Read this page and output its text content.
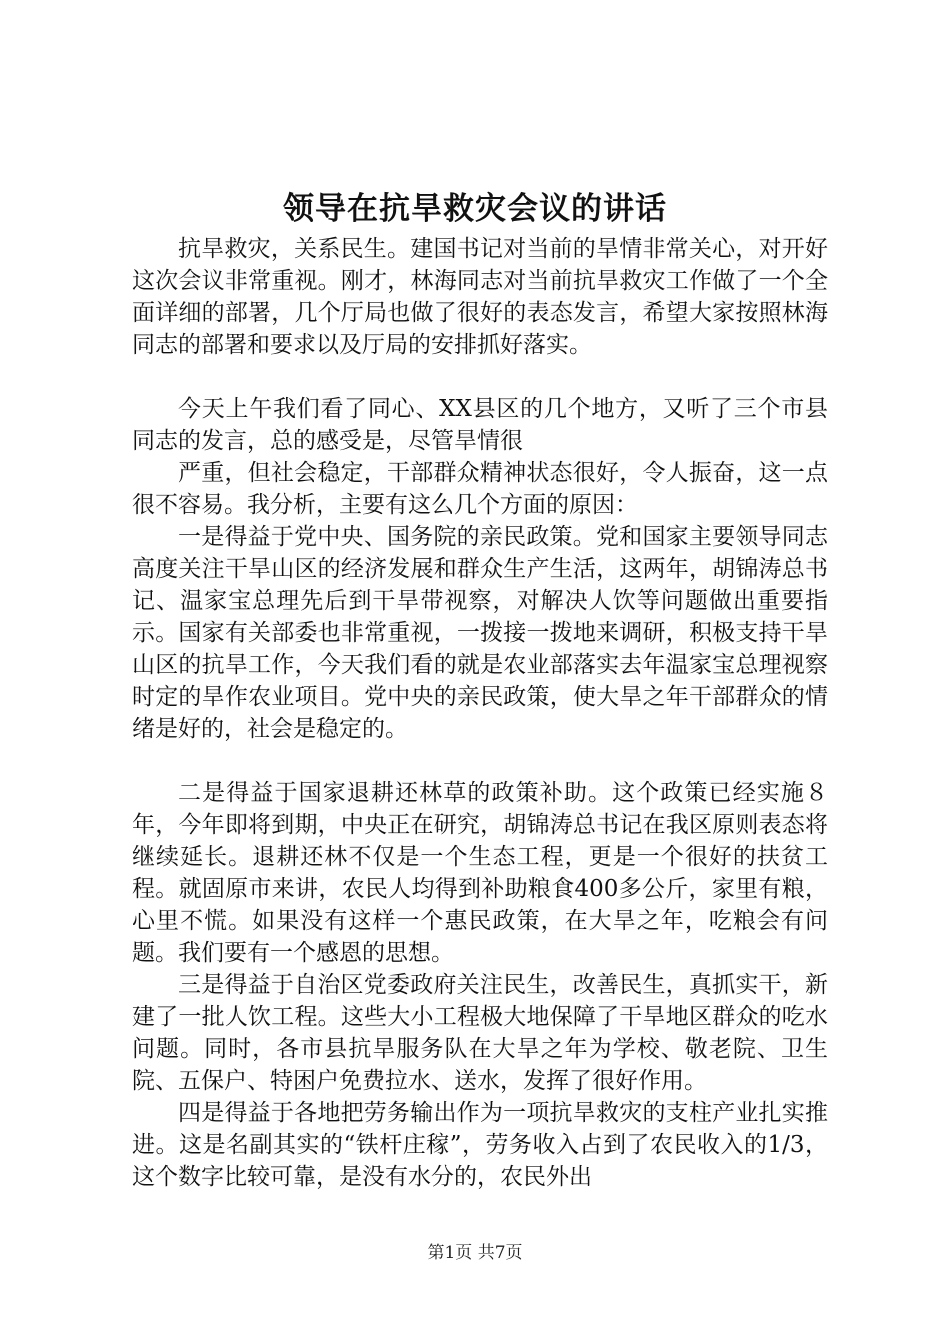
领导在抗旱救灾会议的讲话

抗旱救灾，关系民生。建国书记对当前的旱情非常关心，对开好这次会议非常重视。刚才，林海同志对当前抗旱救灾工作做了一个全面详细的部署，几个厅局也做了很好的表态发言，希望大家按照林海同志的部署和要求以及厅局的安排抓好落实。

今天上午我们看了同心、XX县区的几个地方，又听了三个市县同志的发言，总的感受是，尽管旱情很

严重，但社会稳定，干部群众精神状态很好，令人振奋，这一点很不容易。我分析，主要有这么几个方面的原因：

一是得益于党中央、国务院的亲民政策。党和国家主要领导同志高度关注干旱山区的经济发展和群众生产生活，这两年，胡锦涛总书记、温家宝总理先后到干旱带视察，对解决人饮等问题做出重要指示。国家有关部委也非常重视，一拨接一拨地来调研，积极支持干旱山区的抗旱工作，今天我们看的就是农业部落实去年温家宝总理视察时定的旱作农业项目。党中央的亲民政策，使大旱之年干部群众的情绪是好的，社会是稳定的。

二是得益于国家退耕还林草的政策补助。这个政策已经实施８年，今年即将到期，中央正在研究，胡锦涛总书记在我区原则表态将继续延长。退耕还林不仅是一个生态工程，更是一个很好的扶贫工程。就固原市来讲，农民人均得到补助粮食400多公斤，家里有粮，心里不慌。如果没有这样一个惠民政策，在大旱之年，吃粮会有问题。我们要有一个感恩的思想。

三是得益于自治区党委政府关注民生，改善民生，真抓实干，新建了一批人饮工程。这些大小工程极大地保障了干旱地区群众的吃水问题。同时，各市县抗旱服务队在大旱之年为学校、敬老院、卫生院、五保户、特困户免费拉水、送水，发挥了很好作用。

四是得益于各地把劳务输出作为一项抗旱救灾的支柱产业扎实推进。这是名副其实的“铁杆庄稼”，劳务收入占到了农民收入的1/3，这个数字比较可靠，是没有水分的，农民外出

第1页 共7页
